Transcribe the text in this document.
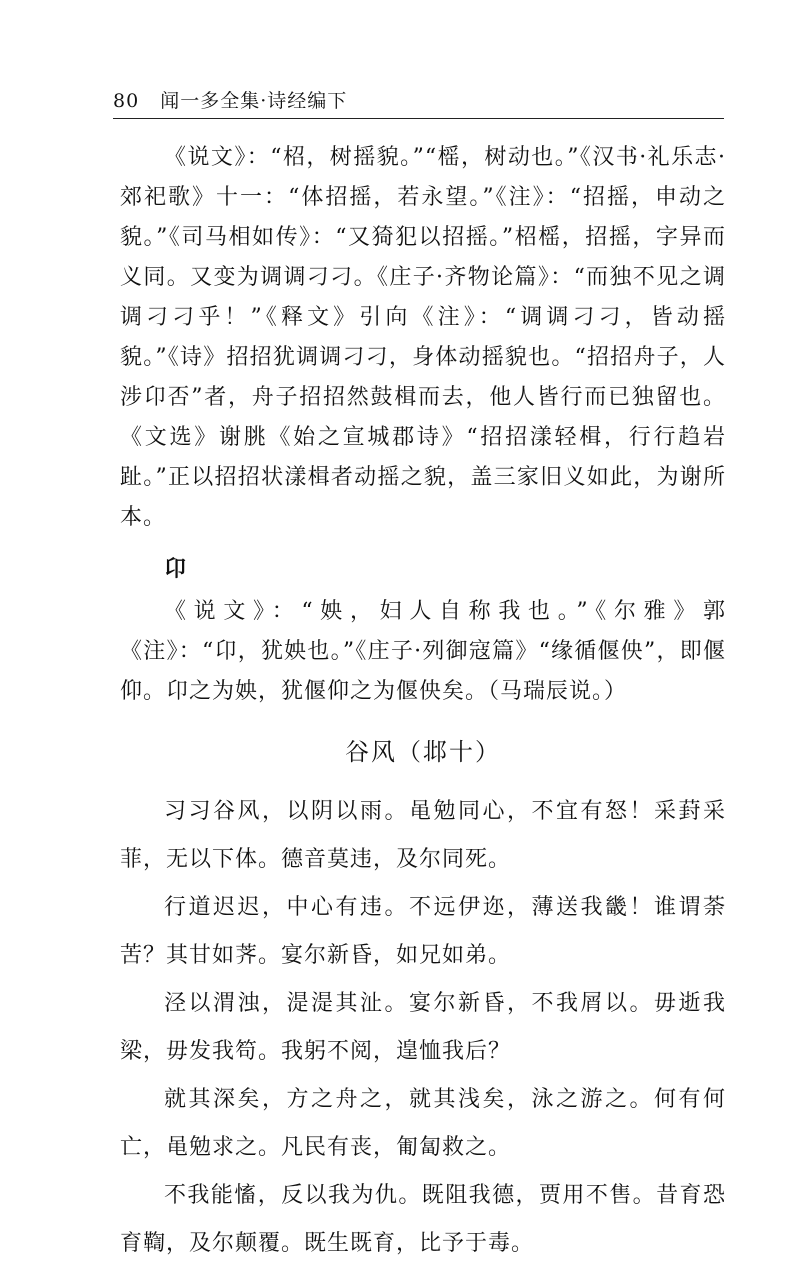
80 闻一多全集·诗经编下

《说文》：“柖，树摇貌。”“榣，树动也。”《汉书·礼乐志·郊祀歌》十一：“体招摇，若永望。”《注》：“招摇，申动之貌。”《司马相如传》：“又猗犯以招摇。”柖榣，招摇，字异而义同。又变为调调刁刁。《庄子·齐物论篇》：“而独不见之调调刁刁乎！”《释文》引向《注》：“调调刁刁，皆动摇貌。”《诗》招招犹调调刁刁，身体动摇貌也。“招招舟子，人涉卬否”者，舟子招招然鼓楫而去，他人皆行而已独留也。《文选》谢朓《始之宣城郡诗》“招招漾轻楫，行行趋岩趾。”正以招招状漾楫者动摇之貌，盖三家旧义如此，为谢所本。

卬

《说文》：“姎，妇人自称我也。”《尔雅》郭《注》：“卬，犹姎也。”《庄子·列御寇篇》“缘循偃佒”，即偃仰。卬之为姎，犹偃仰之为偃佒矣。（马瑞辰说。）

谷风（邶十）

习习谷风，以阴以雨。黾勉同心，不宜有怒！采葑采菲，无以下体。德音莫违，及尔同死。

行道迟迟，中心有违。不远伊迩，薄送我畿！谁谓荼苦？其甘如荠。宴尔新昏，如兄如弟。

泾以渭浊，湜湜其沚。宴尔新昏，不我屑以。毋逝我梁，毋发我笱。我躬不阅，遑恤我后？

就其深矣，方之舟之，就其浅矣，泳之游之。何有何亡，黾勉求之。凡民有丧，匍匐救之。

不我能慉，反以我为仇。既阻我德，贾用不售。昔育恐育鞫，及尔颠覆。既生既育，比予于毒。
